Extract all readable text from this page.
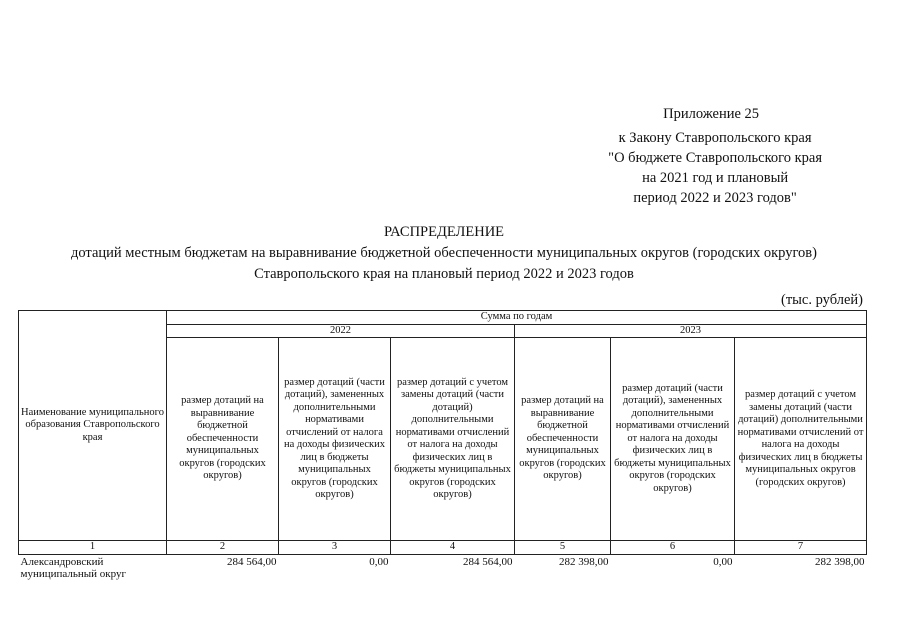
Приложение 25
к Закону Ставропольского края
"О бюджете Ставропольского края
на 2021 год и плановый
период 2022 и 2023 годов"
РАСПРЕДЕЛЕНИЕ
дотаций местным бюджетам на выравнивание бюджетной обеспеченности муниципальных округов (городских округов)
Ставропольского края на плановый период 2022 и 2023 годов
(тыс. рублей)
Наименование муниципального образования Ставропольского края	Сумма по годам					
	2022			2023		
	размер дотаций на выравнивание бюджетной обеспеченности муниципальных округов (городских округов)	размер дотаций (части дотаций), замененных дополнительными нормативами отчислений от налога на доходы физических лиц в бюджеты муниципальных округов (городских округов)	размер дотаций с учетом замены дотаций (части дотаций) дополнительными нормативами отчислений от налога на доходы физических лиц в бюджеты муниципальных округов (городских округов)	размер дотаций на выравнивание бюджетной обеспеченности муниципальных округов (городских округов)	размер дотаций (части дотаций), замененных дополнительными нормативами отчислений от налога на доходы физических лиц в бюджеты муниципальных округов (городских округов)	размер дотаций с учетом замены дотаций (части дотаций) дополнительными нормативами отчислений от налога на доходы физических лиц в бюджеты муниципальных округов (городских округов)
1	2	3	4	5	6	7
Александровский муниципальный округ	284 564,00	0,00	284 564,00	282 398,00	0,00	282 398,00
